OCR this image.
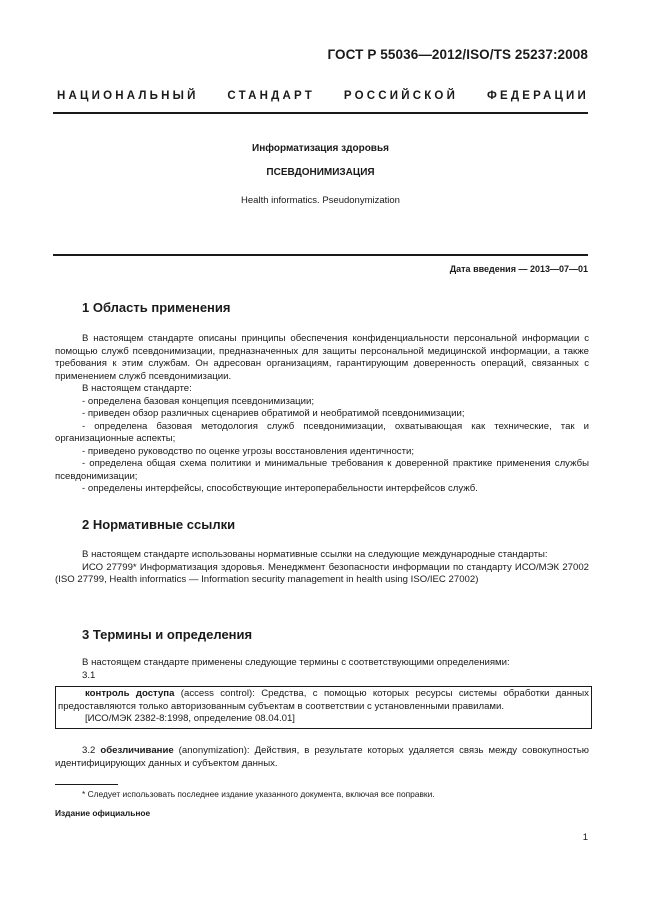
ГОСТ Р 55036—2012/ISO/TS 25237:2008
НАЦИОНАЛЬНЫЙ СТАНДАРТ РОССИЙСКОЙ ФЕДЕРАЦИИ
Информатизация здоровья
ПСЕВДОНИМИЗАЦИЯ
Health informatics. Pseudonymization
Дата введения — 2013—07—01
1 Область применения

В настоящем стандарте описаны принципы обеспечения конфиденциальности персональной информации с помощью служб псевдонимизации, предназначенных для защиты персональной медицинской информации, а также требования к этим службам. Он адресован организациям, гарантирующим доверенность операций, связанных с применением служб псевдонимизации.

В настоящем стандарте:

- определена базовая концепция псевдонимизации;

- приведен обзор различных сценариев обратимой и необратимой псевдонимизации;

- определена базовая методология служб псевдонимизации, охватывающая как технические, так и организационные аспекты;

- приведено руководство по оценке угрозы восстановления идентичности;

- определена общая схема политики и минимальные требования к доверенной практике применения службы псевдонимизации;

- определены интерфейсы, способствующие интероперабельности интерфейсов служб.

2 Нормативные ссылки

В настоящем стандарте использованы нормативные ссылки на следующие международные стандарты:

ИСО 27799* Информатизация здоровья. Менеджмент безопасности информации по стандарту ИСО/МЭК 27002 (ISO 27799, Health informatics — Information security management in health using ISO/IEC 27002)

3 Термины и определения

В настоящем стандарте применены следующие термины с соответствующими определениями:

3.1

контроль доступа (access control): Средства, с помощью которых ресурсы системы обработки данных предоставляются только авторизованным субъектам в соответствии с установленными правилами.

[ИСО/МЭК 2382-8:1998, определение 08.04.01]

3.2 обезличивание (anonymization): Действия, в результате которых удаляется связь между совокупностью идентифицирующих данных и субъектом данных.

* Следует использовать последнее издание указанного документа, включая все поправки.
Издание официальное
1
